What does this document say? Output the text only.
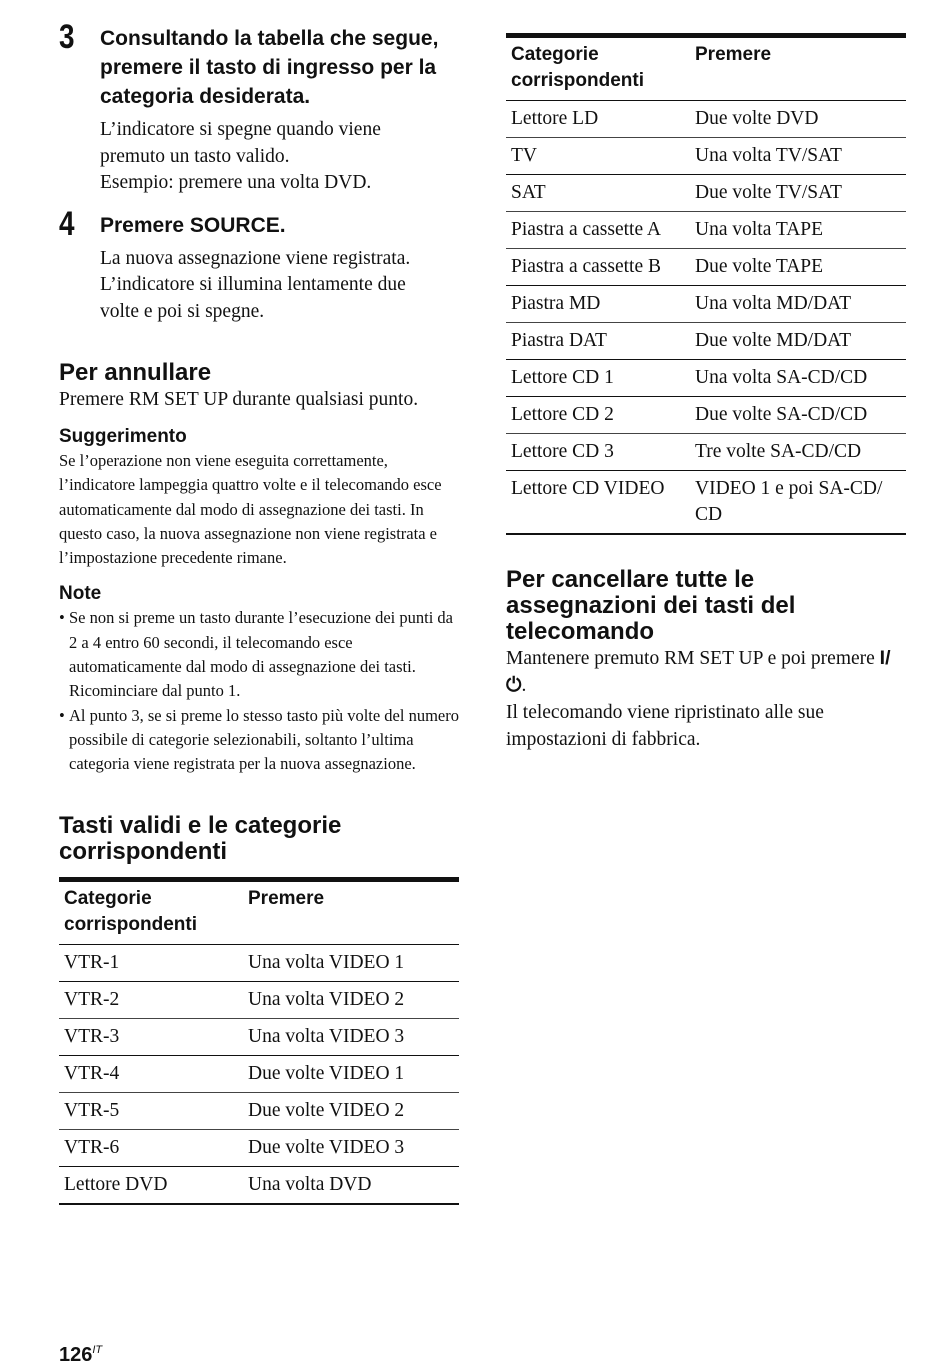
3 Consultando la tabella che segue, premere il tasto di ingresso per la categoria desiderata.
L’indicatore si spegne quando viene
premuto un tasto valido.
Esempio: premere una volta DVD.
4 Premere SOURCE.
La nuova assegnazione viene registrata.
L’indicatore si illumina lentamente due
volte e poi si spegne.
Per annullare

Premere RM SET UP durante qualsiasi punto.

Suggerimento

Se l’operazione non viene eseguita correttamente, l’indicatore lampeggia quattro volte e il telecomando esce automaticamente dal modo di assegnazione dei tasti. In questo caso, la nuova assegnazione non viene registrata e l’impostazione precedente rimane.

Note
• Se non si preme un tasto durante l’esecuzione dei punti da 2 a 4 entro 60 secondi, il telecomando esce automaticamente dal modo di assegnazione dei tasti. Ricominciare dal punto 1.
• Al punto 3, se si preme lo stesso tasto più volte del numero possibile di categorie selezionabili, soltanto l’ultima categoria viene registrata per la nuova assegnazione.
Tasti validi e le categorie corrispondenti
Categorie corrispondenti	Premere
VTR-1	Una volta VIDEO 1
VTR-2	Una volta VIDEO 2
VTR-3	Una volta VIDEO 3
VTR-4	Due volte VIDEO 1
VTR-5	Due volte VIDEO 2
VTR-6	Due volte VIDEO 3
Lettore DVD	Una volta DVD
Categorie corrispondenti	Premere
Lettore LD	Due volte DVD
TV	Una volta TV/SAT
SAT	Due volte TV/SAT
Piastra a cassette A	Una volta TAPE
Piastra a cassette B	Due volte TAPE
Piastra MD	Una volta MD/DAT
Piastra DAT	Due volte MD/DAT
Lettore CD 1	Una volta SA-CD/CD
Lettore CD 2	Due volte SA-CD/CD
Lettore CD 3	Tre volte SA-CD/CD
Lettore CD VIDEO	VIDEO 1 e poi SA-CD/ CD
Per cancellare tutte le assegnazioni dei tasti del telecomando

Mantenere premuto RM SET UP e poi premere I/⏻.

Il telecomando viene ripristinato alle sue impostazioni di fabbrica.

$126^{IT}$
